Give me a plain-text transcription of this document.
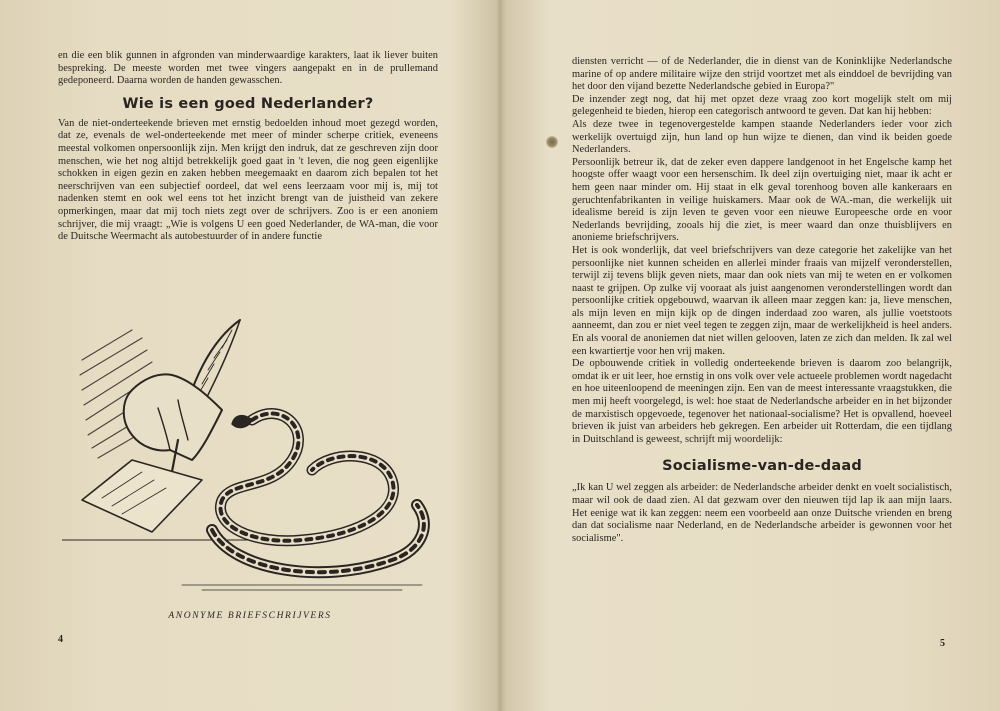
en die een blik gunnen in afgronden van minderwaardige karakters, laat ik liever buiten bespreking. De meeste worden met twee vingers aangepakt en in de prullemand gedeponeerd. Daarna worden de handen gewasschen.

Wie is een goed Nederlander?

Van de niet-onderteekende brieven met ernstig bedoelden inhoud moet gezegd worden, dat ze, evenals de wel-onderteekende met meer of minder scherpe critiek, eveneens meestal volkomen onpersoonlijk zijn. Men krijgt den indruk, dat ze geschreven zijn door menschen, wie het nog altijd betrekkelijk goed gaat in 't leven, die nog geen eigenlijke schokken in eigen gezin en zaken hebben meegemaakt en daarom zich bepalen tot het neerschrijven van een subjectief oordeel, dat wel eens leerzaam voor mij is, mij tot nadenken stemt en ook wel eens tot het inzicht brengt van de juistheid van zekere opmerkingen, maar dat mij toch niets zegt over de schrijvers. Zoo is er een anoniem schrijver, die mij vraagt: „Wie is volgens U een goed Nederlander, de WA-man, die voor de Duitsche Weermacht als autobestuurder of in andere functie

ANONYME BRIEFSCHRIJVERS
4

diensten verricht — of de Nederlander, die in dienst van de Koninklijke Nederlandsche marine of op andere militaire wijze den strijd voortzet met als einddoel de bevrijding van het door den vijand bezette Nederlandsche gebied in Europa?"

De inzender zegt nog, dat hij met opzet deze vraag zoo kort mogelijk stelt om mij gelegenheid te bieden, hierop een categorisch antwoord te geven. Dat kan hij hebben:

Als deze twee in tegenovergestelde kampen staande Nederlanders ieder voor zich werkelijk overtuigd zijn, hun land op hun wijze te dienen, dan vind ik beiden goede Nederlanders.

Persoonlijk betreur ik, dat de zeker even dappere landgenoot in het Engelsche kamp het hoogste offer waagt voor een hersenschim. Ik deel zijn overtuiging niet, maar ik acht er hem geen naar minder om. Hij staat in elk geval torenhoog boven alle kankeraars en geruchtenfabrikanten in veilige huiskamers. Maar ook de WA.-man, die werkelijk uit idealisme bereid is zijn leven te geven voor een nieuwe Europeesche orde en voor Nederlands bevrijding, zooals hij die ziet, is meer waard dan onze thuisblijvers en anonieme briefschrijvers.

Het is ook wonderlijk, dat veel briefschrijvers van deze categorie het zakelijke van het persoonlijke niet kunnen scheiden en allerlei minder fraais van mijzelf veronderstellen, terwijl zij tevens blijk geven niets, maar dan ook niets van mij te weten en er volkomen naast te grijpen. Op zulke vij vooraat als juist aangenomen veronderstellingen wordt dan persoonlijke critiek opgebouwd, waarvan ik alleen maar zeggen kan: ja, lieve menschen, als mijn leven en mijn kijk op de dingen inderdaad zoo waren, als jullie voetstoots aanneemt, dan zou er niet veel tegen te zeggen zijn, maar de werkelijkheid is heel anders. En als vooral de anoniemen dat niet willen gelooven, laten ze zich dan melden. Ik zal wel een kwartiertje voor hen vrij maken.

De opbouwende critiek in volledig onderteekende brieven is daarom zoo belangrijk, omdat ik er uit leer, hoe ernstig in ons volk over vele actueele problemen wordt nagedacht en hoe uiteenloopend de meeningen zijn. Een van de meest interessante vraagstukken, die men mij heeft voorgelegd, is wel: hoe staat de Nederlandsche arbeider en in het bijzonder de marxistisch opgevoede, tegenover het nationaal-socialisme? Het is opvallend, hoeveel brieven ik juist van arbeiders heb gekregen. Een arbeider uit Rotterdam, die een tijdlang in Duitschland is geweest, schrijft mij woordelijk:

Socialisme-van-de-daad

„Ik kan U wel zeggen als arbeider: de Nederlandsche arbeider denkt en voelt socialistisch, maar wil ook de daad zien. Al dat gezwam over den nieuwen tijd lap ik aan mijn laars. Het eenige wat ik kan zeggen: neem een voorbeeld aan onze Duitsche vrienden en breng dan dat socialisme naar Nederland, en de Nederlandsche arbeider is gewonnen voor het socialisme".

5
